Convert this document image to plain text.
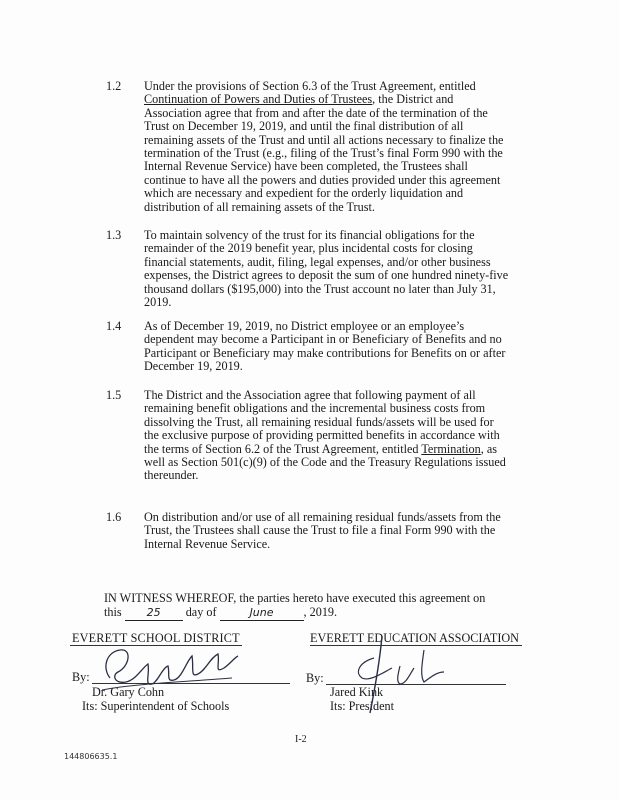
1.2	Under the provisions of Section 6.3 of the Trust Agreement, entitled
Continuation of Powers and Duties of Trustees, the District and
Association agree that from and after the date of the termination of the
Trust on December 19, 2019, and until the final distribution of all
remaining assets of the Trust and until all actions necessary to finalize the
termination of the Trust (e.g., filing of the Trust’s final Form 990 with the
Internal Revenue Service) have been completed, the Trustees shall
continue to have all the powers and duties provided under this agreement
which are necessary and expedient for the orderly liquidation and
distribution of all remaining assets of the Trust.
1.3	To maintain solvency of the trust for its financial obligations for the
remainder of the 2019 benefit year, plus incidental costs for closing
financial statements, audit, filing, legal expenses, and/or other business
expenses, the District agrees to deposit the sum of one hundred ninety-five
thousand dollars ($195,000) into the Trust account no later than July 31,
2019.
1.4	As of December 19, 2019, no District employee or an employee’s
dependent may become a Participant in or Beneficiary of Benefits and no
Participant or Beneficiary may make contributions for Benefits on or after
December 19, 2019.
1.5	The District and the Association agree that following payment of all
remaining benefit obligations and the incremental business costs from
dissolving the Trust, all remaining residual funds/assets will be used for
the exclusive purpose of providing permitted benefits in accordance with
the terms of Section 6.2 of the Trust Agreement, entitled Termination, as
well as Section 501(c)(9) of the Code and the Treasury Regulations issued
thereunder.
1.6	On distribution and/or use of all remaining residual funds/assets from the
Trust, the Trustees shall cause the Trust to file a final Form 990 with the
Internal Revenue Service.
IN WITNESS WHEREOF, the parties hereto have executed this agreement on
this 25 day of	June , 2019.
EVERETT SCHOOL DISTRICT
By:
Dr. Gary Cohn
Its: Superintendent of Schools
EVERETT EDUCATION ASSOCIATION
By:
Jared Kink
Its: President
I-2
144806635.1
